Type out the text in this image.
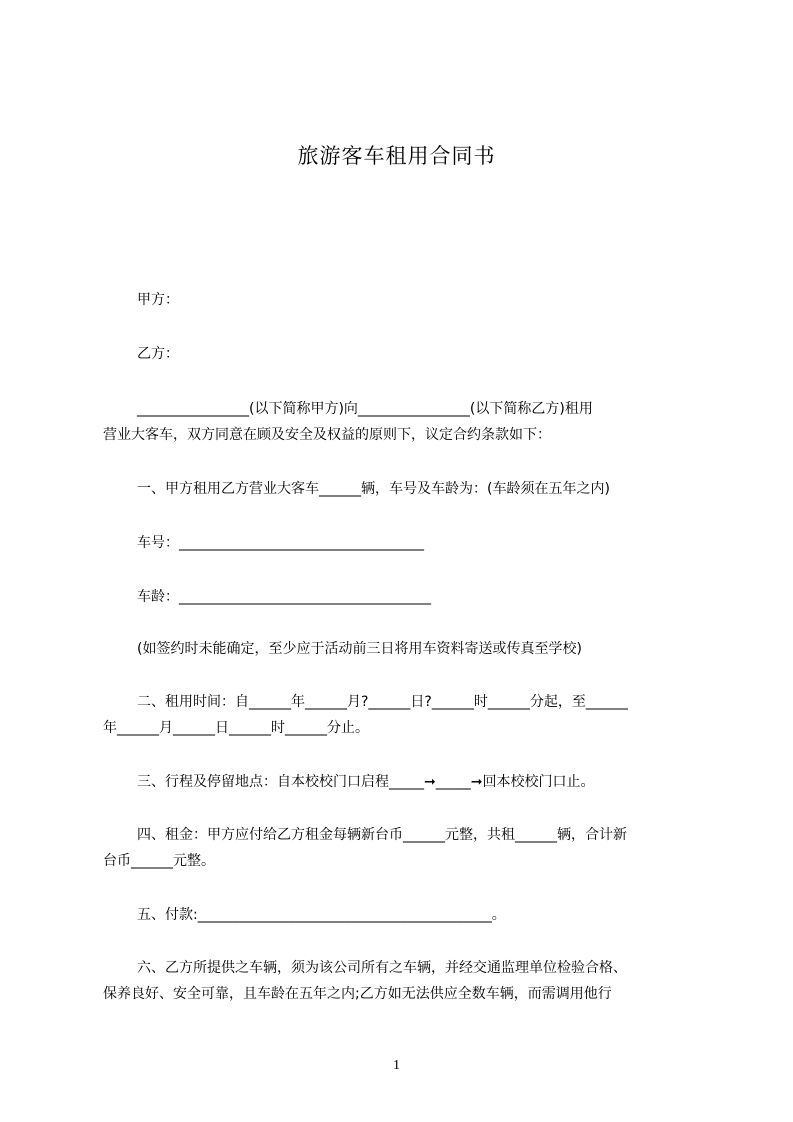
旅游客车租用合同书
甲方：
乙方：
________________(以下简称甲方)向________________(以下简称乙方)租用
营业大客车，双方同意在顾及安全及权益的原则下，议定合约条款如下：
一、甲方租用乙方营业大客车______辆，车号及车龄为：(车龄须在五年之内)
车号：___________________________________
车龄：____________________________________
(如签约时未能确定，至少应于活动前三日将用车资料寄送或传真至学校)
二、租用时间：自______年______月?______日?______时______分起，至______
年______月______日______时______分止。
三、行程及停留地点：自本校校门口启程_____➞_____➞回本校校门口止。
四、租金：甲方应付给乙方租金每辆新台币______元整，共租______辆，合计新
台币______元整。
五、付款:__________________________________________。
六、乙方所提供之车辆，须为该公司所有之车辆，并经交通监理单位检验合格、
保养良好、安全可靠，且车龄在五年之内;乙方如无法供应全数车辆，而需调用他行
1
